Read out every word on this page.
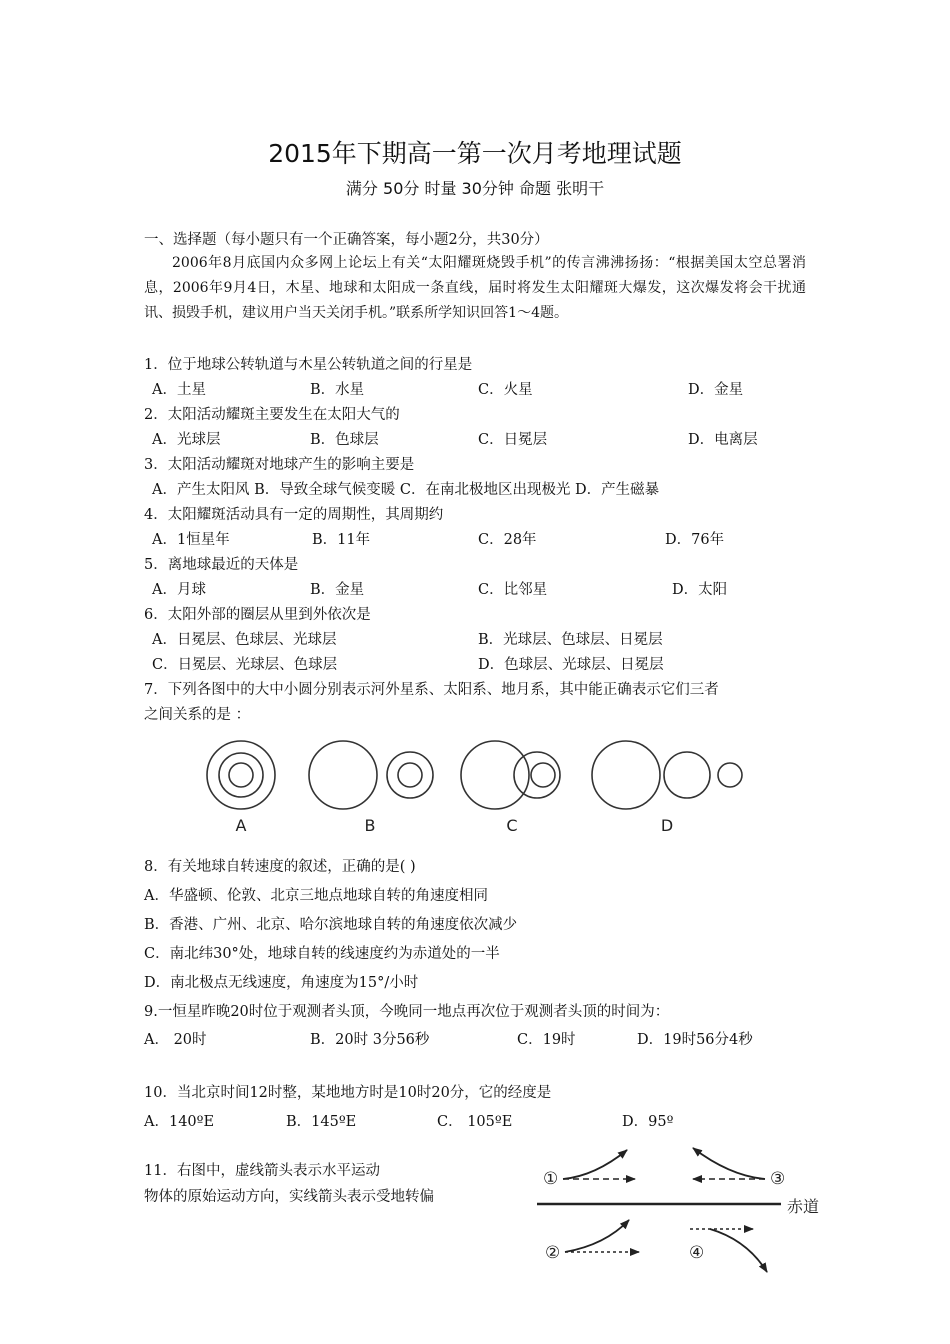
2015年下期高一第一次月考地理试题
满分 50分 时量 30分钟 命题 张明干
一、选择题（每小题只有一个正确答案，每小题2分，共30分）
2006年8月底国内众多网上论坛上有关“太阳耀斑烧毁手机”的传言沸沸扬扬：“根据美国太空总署消息，2006年9月4日，木星、地球和太阳成一条直线，届时将发生太阳耀斑大爆发，这次爆发将会干扰通讯、损毁手机，建议用户当天关闭手机。”联系所学知识回答1～4题。
1．位于地球公转轨道与木星公转轨道之间的行星是
A．土星	B．水星	C．火星	D．金星
2．太阳活动耀斑主要发生在太阳大气的
A．光球层	B．色球层	C．日冕层	D．电离层
3．太阳活动耀斑对地球产生的影响主要是
A．产生太阳风 B．导致全球气候变暖 C．在南北极地区出现极光 D．产生磁暴
4．太阳耀斑活动具有一定的周期性，其周期约
A．1恒星年	B．11年	C．28年	D．76年
5．离地球最近的天体是
A．月球	B．金星	C．比邻星	D．太阳
6．太阳外部的圈层从里到外依次是
A．日冕层、色球层、光球层	B．光球层、色球层、日冕层
C．日冕层、光球层、色球层	D．色球层、光球层、日冕层
7．下列各图中的大中小圆分别表示河外星系、太阳系、地月系，其中能正确表示它们三者
之间关系的是 ：
A	B	C	D
8．有关地球自转速度的叙述，正确的是( )
A．华盛顿、伦敦、北京三地点地球自转的角速度相同
B．香港、广州、北京、哈尔滨地球自转的角速度依次减少
C．南北纬30°处，地球自转的线速度约为赤道处的一半
D．南北极点无线速度，角速度为15°/小时
9.一恒星昨晚20时位于观测者头顶，今晚同一地点再次位于观测者头顶的时间为：
A． 20时	B．20时 3分56秒	C．19时	D．19时56分4秒
10．当北京时间12时整，某地地方时是10时20分，它的经度是
A．140ºE	B．145ºE	C． 105ºE	D．95º
11．右图中，虚线箭头表示水平运动
物体的原始运动方向，实线箭头表示受地转偏	赤道
①	③
②	④
